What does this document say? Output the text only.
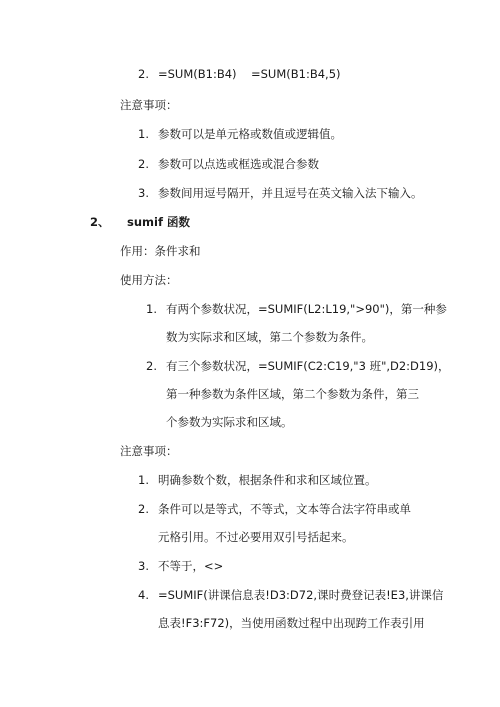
2. =SUM(B1:B4) =SUM(B1:B4,5)
注意事项：
1. 参数可以是单元格或数值或逻辑值。
2. 参数可以点选或框选或混合参数
3. 参数间用逗号隔开，并且逗号在英文输入法下输入。
2、 sumif 函数
作用：条件求和
使用方法：
1. 有两个参数状况，=SUMIF(L2:L19,">90")，第一种参
数为实际求和区域，第二个参数为条件。
2. 有三个参数状况，=SUMIF(C2:C19,"3 班",D2:D19)，
第一种参数为条件区域，第二个参数为条件，第三
个参数为实际求和区域。
注意事项：
1. 明确参数个数，根据条件和求和区域位置。
2. 条件可以是等式，不等式，文本等合法字符串或单
元格引用。不过必要用双引号括起来。
3. 不等于，<>
4. =SUMIF(讲课信息表!D3:D72,课时费登记表!E3,讲课信
息表!F3:F72)，当使用函数过程中出现跨工作表引用
